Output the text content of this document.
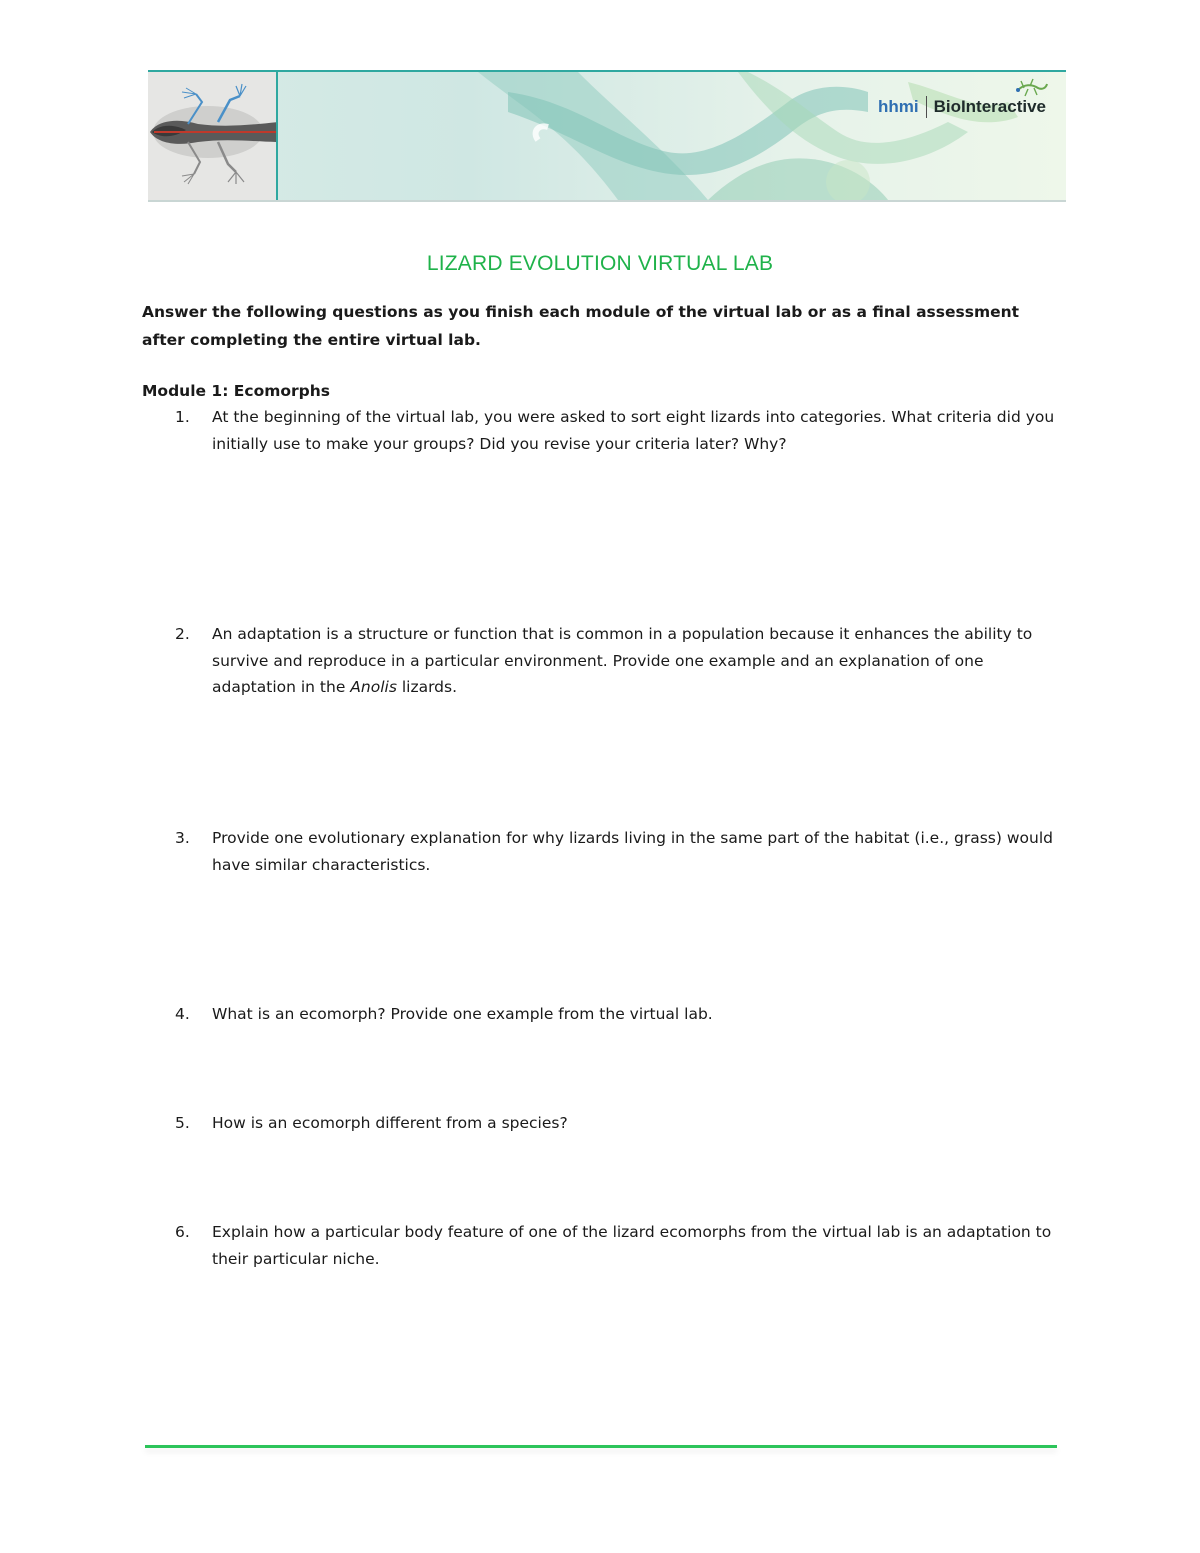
hhmi BioInteractive
LIZARD EVOLUTION VIRTUAL LAB
Answer the following questions as you finish each module of the virtual lab or as a final assessment after completing the entire virtual lab.
Module 1: Ecomorphs
1. At the beginning of the virtual lab, you were asked to sort eight lizards into categories. What criteria did you initially use to make your groups? Did you revise your criteria later? Why?
2. An adaptation is a structure or function that is common in a population because it enhances the ability to survive and reproduce in a particular environment. Provide one example and an explanation of one adaptation in the Anolis lizards.
3. Provide one evolutionary explanation for why lizards living in the same part of the habitat (i.e., grass) would have similar characteristics.
4. What is an ecomorph? Provide one example from the virtual lab.
5. How is an ecomorph different from a species?
6. Explain how a particular body feature of one of the lizard ecomorphs from the virtual lab is an adaptation to their particular niche.
